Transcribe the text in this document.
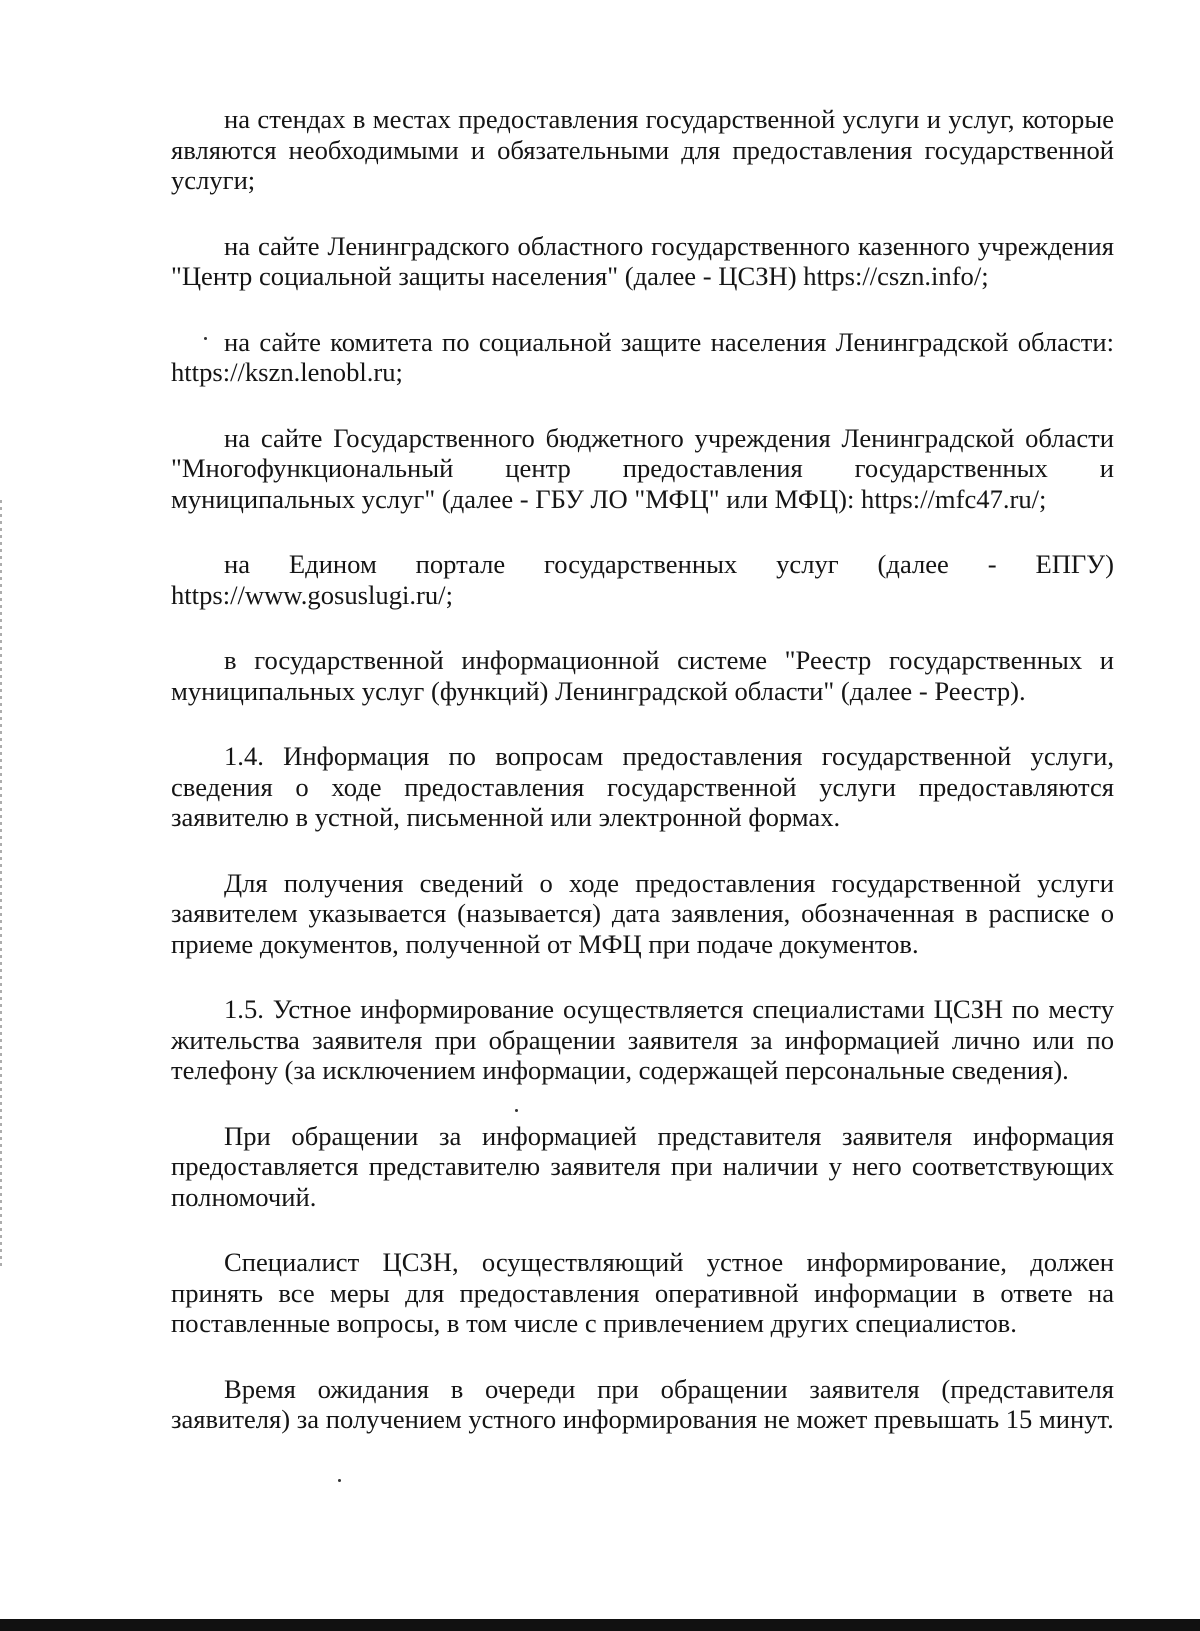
на стендах в местах предоставления государственной услуги и услуг, которые являются необходимыми и обязательными для предоставления государственной услуги;

на сайте Ленинградского областного государственного казенного учреждения "Центр социальной защиты населения" (далее - ЦСЗН) https://cszn.info/;

на сайте комитета по социальной защите населения Ленинградской области: https://kszn.lenobl.ru;

на сайте Государственного бюджетного учреждения Ленинградской области "Многофункциональный центр предоставления государственных и муниципальных услуг" (далее - ГБУ ЛО "МФЦ" или МФЦ): https://mfc47.ru/;

на Едином портале государственных услуг (далее - ЕПГУ) https://www.gosuslugi.ru/;

в государственной информационной системе "Реестр государственных и муниципальных услуг (функций) Ленинградской области" (далее - Реестр).

1.4. Информация по вопросам предоставления государственной услуги, сведения о ходе предоставления государственной услуги предоставляются заявителю в устной, письменной или электронной формах.

Для получения сведений о ходе предоставления государственной услуги заявителем указывается (называется) дата заявления, обозначенная в расписке о приеме документов, полученной от МФЦ при подаче документов.

1.5. Устное информирование осуществляется специалистами ЦСЗН по месту жительства заявителя при обращении заявителя за информацией лично или по телефону (за исключением информации, содержащей персональные сведения).

При обращении за информацией представителя заявителя информация предоставляется представителю заявителя при наличии у него соответствующих полномочий.

Специалист ЦСЗН, осуществляющий устное информирование, должен принять все меры для предоставления оперативной информации в ответе на поставленные вопросы, в том числе с привлечением других специалистов.

Время ожидания в очереди при обращении заявителя (представителя заявителя) за получением устного информирования не может превышать 15 минут.
